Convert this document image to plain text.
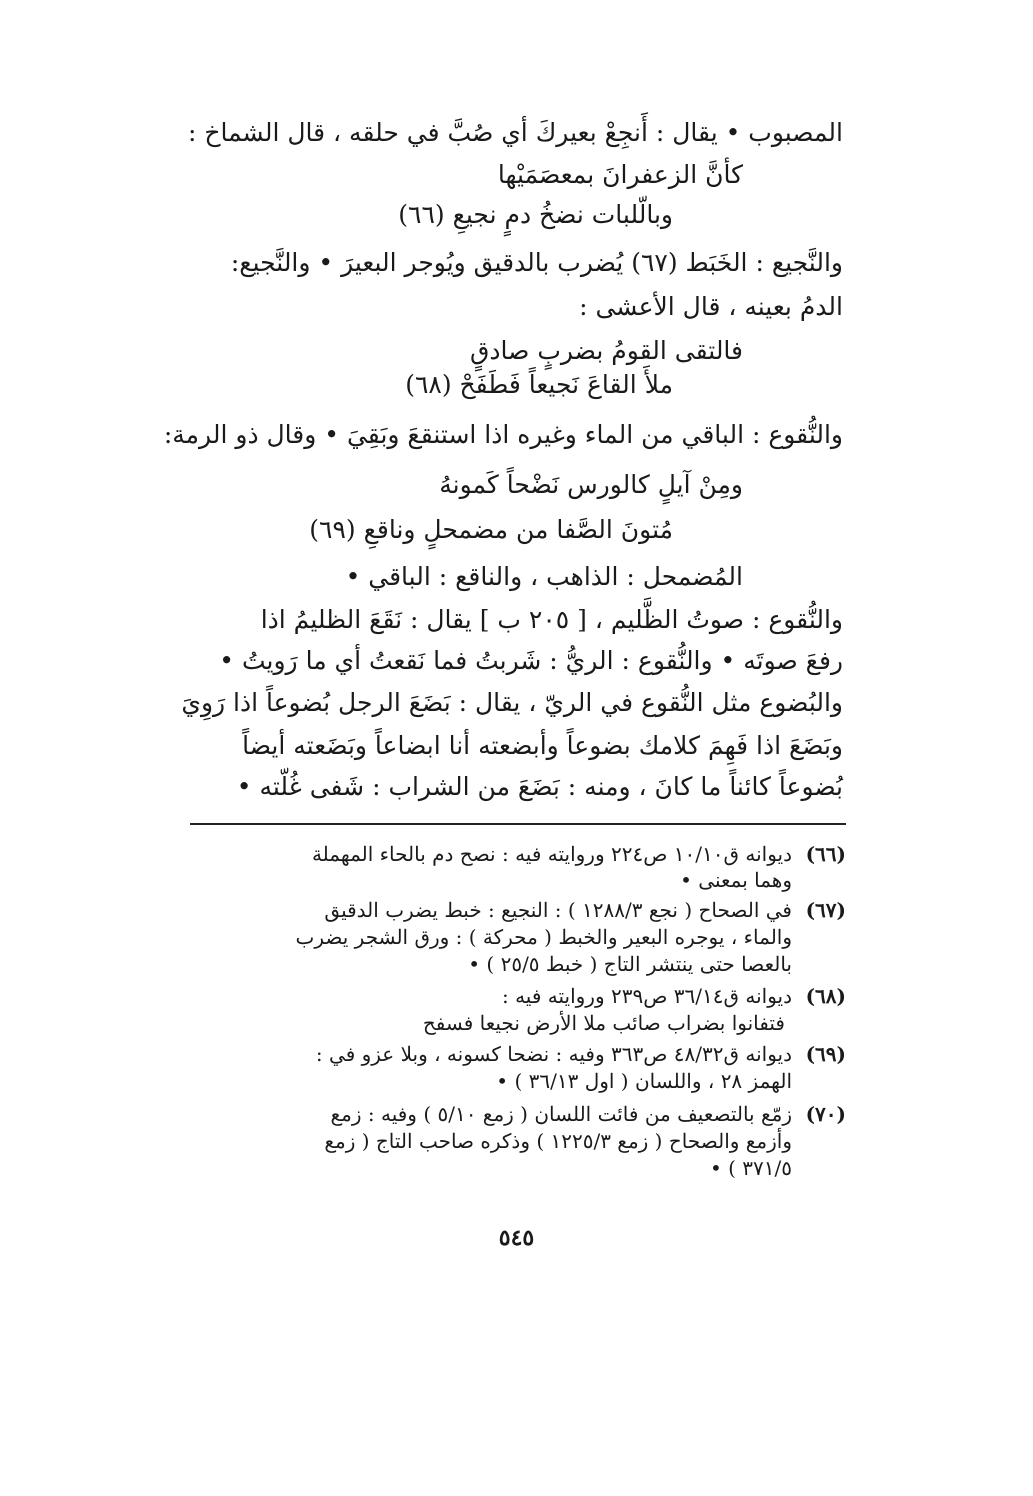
المصبوب • يقال : أَنجِعْ بعيركَ أي صُبَّ في حلقه ، قال الشماخ :
كأنَّ الزعفرانَ بمعصَمَيْها
وبالّلبات نضخُ دمٍ نجيعِ (٦٦)
والنَّجيع : الخَبَط (٦٧) يُضرب بالدقيق ويُوجر البعيرَ • والنَّجيع:
الدمُ بعينه ، قال الأعشى :
فالتقى القومُ بضربٍ صادقٍ
ملأَ القاعَ نَجيعاً فَطَفَحْ (٦٨)
والنُّقوع : الباقي من الماء وغيره اذا استنقعَ وبَقِيَ • وقال ذو الرمة:
ومِنْ آيلٍ كالورس نَضْحاً كَمونهُ
مُتونَ الصَّفا من مضمحلٍ وناقعِ (٦٩)
المُضمحل : الذاهب ، والناقع : الباقي •
والنُّقوع : صوتُ الظَّليم ، [ ٢٠٥ ب ] يقال : نَقَعَ الظليمُ اذا
رفعَ صوتَه • والنُّقوع : الريُّ : شَربتُ فما نَقعتُ أي ما رَويتُ •
والبُضوع مثل النُّقوع في الريّ ، يقال : بَضَعَ الرجل بُضوعاً اذا رَوِيَ
وبَضَعَ اذا فَهِمَ كلامك بضوعاً وأبضعته أنا ابضاعاً وبَضَعته أيضاً
بُضوعاً كائناً ما كانَ ، ومنه : بَضَعَ من الشراب : شَفى غُلّته •
(٦٦)
ديوانه ق١٠/١٠ ص٢٢٤ وروايته فيه : نصح دم بالحاء المهملة
وهما بمعنى •
(٦٧)
في الصحاح ( نجع ١٢٨٨/٣ ) : النجيع : خبط يضرب الدقيق
والماء ، يوجره البعير والخبط ( محركة ) : ورق الشجر يضرب
بالعصا حتى ينتشر التاج ( خبط ٢٥/٥ ) •
(٦٨)
ديوانه ق٣٦/١٤ ص٢٣٩ وروايته فيه :
فتفانوا بضراب صائب ملا الأرض نجيعا فسفح
(٦٩)
ديوانه ق٤٨/٣٢ ص٣٦٣ وفيه : نضحا كسونه ، وبلا عزو في :
الهمز ٢٨ ، واللسان ( اول ٣٦/١٣ ) •
(٧٠)
زمّع بالتصعيف من فائت اللسان ( زمع ٥/١٠ ) وفيه : زمع
وأزمع والصحاح ( زمع ١٢٢٥/٣ ) وذكره صاحب التاج ( زمع
٣٧١/٥ ) •
٥٤٥
